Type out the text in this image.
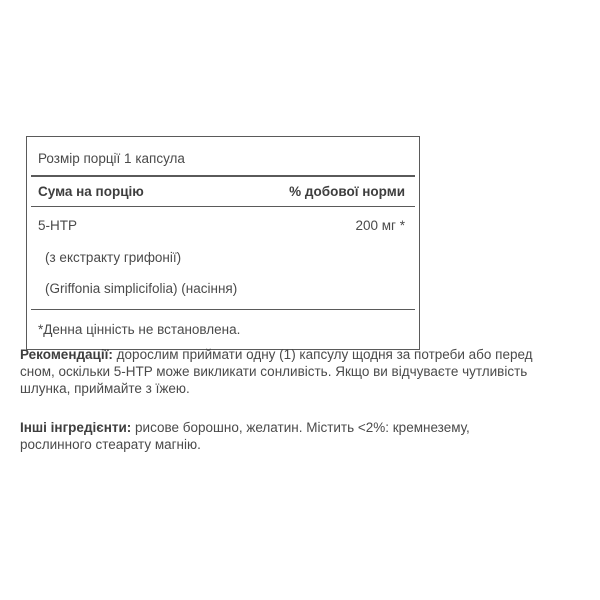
Розмір порції 1 капсула
Сума на порцію	% добової норми
5-HTP	200 мг *
(з екстракту грифонії)
(Griffonia simplicifolia) (насіння)
*Денна цінність не встановлена.
Рекомендації: дорослим приймати одну (1) капсулу щодня за потреби або перед
сном, оскільки 5-HTP може викликати сонливість. Якщо ви відчуваєте чутливість
шлунка, приймайте з їжею.
Інші інгредієнти: рисове борошно, желатин. Містить <2%: кремнезему,
рослинного стеарату магнію.
